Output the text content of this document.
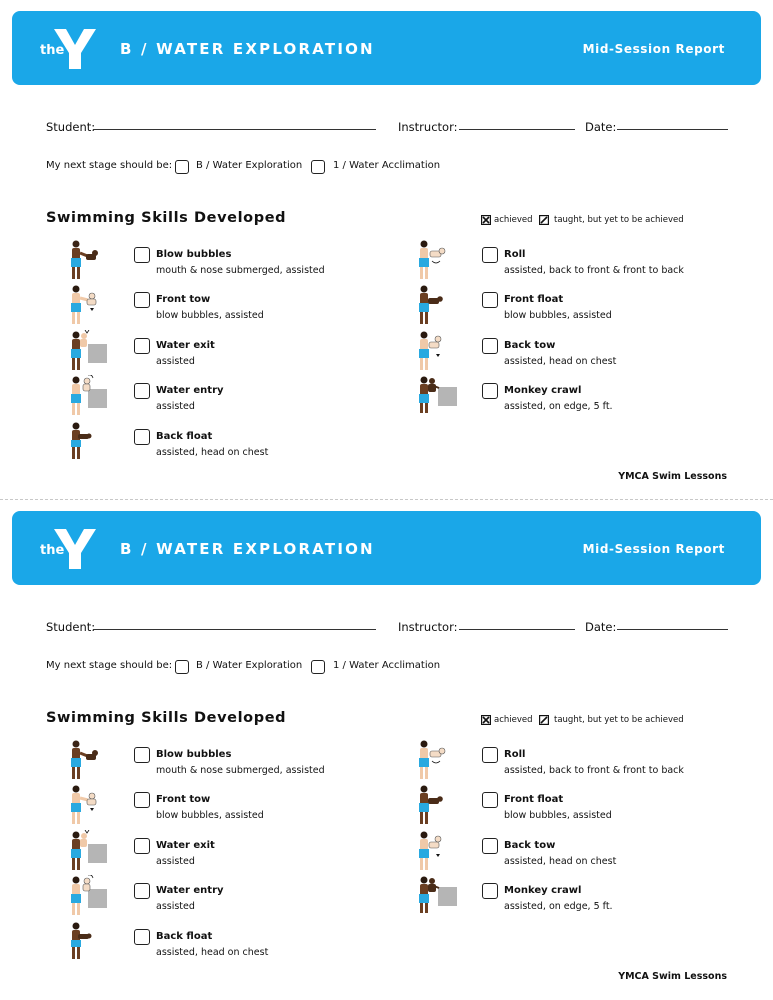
the	YMCA B / WATER EXPLORATION	Mid-Session Report
Student:	Instructor:	Date:
My next stage should be: B / Water Exploration	1 / Water Acclimation
Swimming Skills Developed	achieved	taught, but yet to be achieved
Blow bubbles
mouth & nose submerged, assisted
Front tow
blow bubbles, assisted
Water exit
assisted
Water entry
assisted
Back float
assisted, head on chest
Roll
assisted, back to front & front to back
Front float
blow bubbles, assisted
Back tow
assisted, head on chest
Monkey crawl
assisted, on edge, 5 ft.
YMCA Swim Lessons
the	YMCA B / WATER EXPLORATION	Mid-Session Report
Student:	Instructor:	Date:
My next stage should be: B / Water Exploration	1 / Water Acclimation
Swimming Skills Developed	achieved	taught, but yet to be achieved
Blow bubbles
mouth & nose submerged, assisted
Front tow
blow bubbles, assisted
Water exit
assisted
Water entry
assisted
Back float
assisted, head on chest
Roll
assisted, back to front & front to back
Front float
blow bubbles, assisted
Back tow
assisted, head on chest
Monkey crawl
assisted, on edge, 5 ft.
YMCA Swim Lessons
